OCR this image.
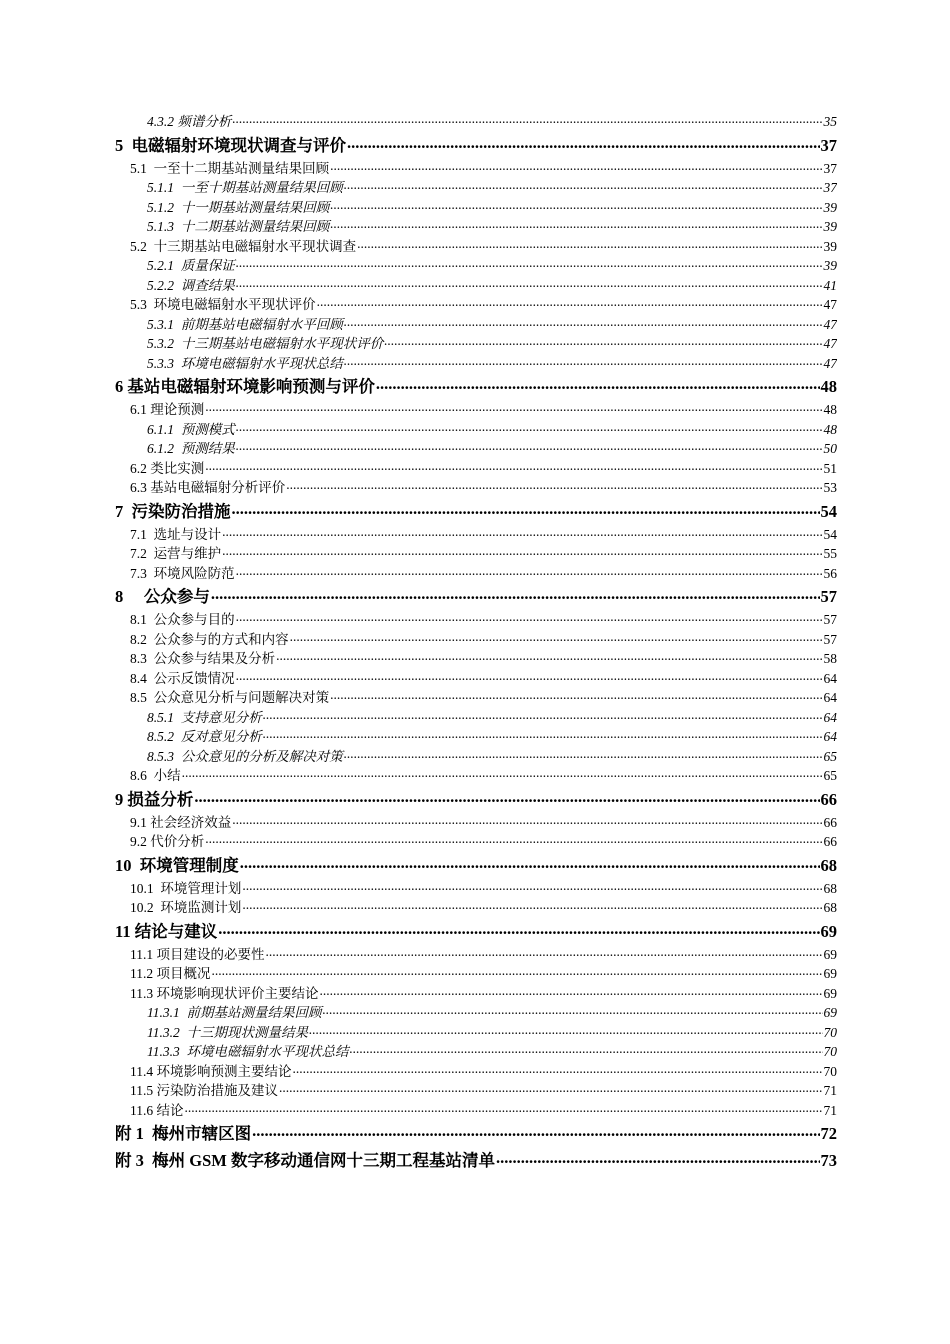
4.3.2 频谱分析 .....	35
5  电磁辐射环境现状调查与评价 .....	37
5.1  一至十二期基站测量结果回顾 .....	37
5.1.1  一至十期基站测量结果回顾 .....	37
5.1.2  十一期基站测量结果回顾 .....	39
5.1.3  十二期基站测量结果回顾 .....	39
5.2  十三期基站电磁辐射水平现状调查 .....	39
5.2.1  质量保证 .....	39
5.2.2  调查结果 .....	41
5.3  环境电磁辐射水平现状评价 .....	47
5.3.1  前期基站电磁辐射水平回顾 .....	47
5.3.2  十三期基站电磁辐射水平现状评价 .....	47
5.3.3  环境电磁辐射水平现状总结 .....	47
6 基站电磁辐射环境影响预测与评价 .....	48
6.1 理论预测 .....	48
6.1.1  预测模式 .....	48
6.1.2  预测结果 .....	50
6.2 类比实测 .....	51
6.3 基站电磁辐射分析评价 .....	53
7  污染防治措施 .....	54
7.1  选址与设计 .....	54
7.2  运营与维护 .....	55
7.3  环境风险防范 .....	56
8     公众参与 .....	57
8.1  公众参与目的 .....	57
8.2  公众参与的方式和内容 .....	57
8.3  公众参与结果及分析 .....	58
8.4  公示反馈情况 .....	64
8.5  公众意见分析与问题解决对策 .....	64
8.5.1  支持意见分析 .....	64
8.5.2  反对意见分析 .....	64
8.5.3  公众意见的分析及解决对策 .....	65
8.6  小结 .....	65
9 损益分析 .....	66
9.1 社会经济效益 .....	66
9.2 代价分析 .....	66
10  环境管理制度 .....	68
10.1  环境管理计划 .....	68
10.2  环境监测计划 .....	68
11 结论与建议 .....	69
11.1 项目建设的必要性 .....	69
11.2 项目概况 .....	69
11.3 环境影响现状评价主要结论 .....	69
11.3.1  前期基站测量结果回顾 .....	69
11.3.2  十三期现状测量结果 .....	70
11.3.3  环境电磁辐射水平现状总结 .....	70
11.4 环境影响预测主要结论 .....	70
11.5 污染防治措施及建议 .....	71
11.6 结论 .....	71
附 1  梅州市辖区图 .....	72
附 3  梅州 GSM 数字移动通信网十三期工程基站清单 .....	73
